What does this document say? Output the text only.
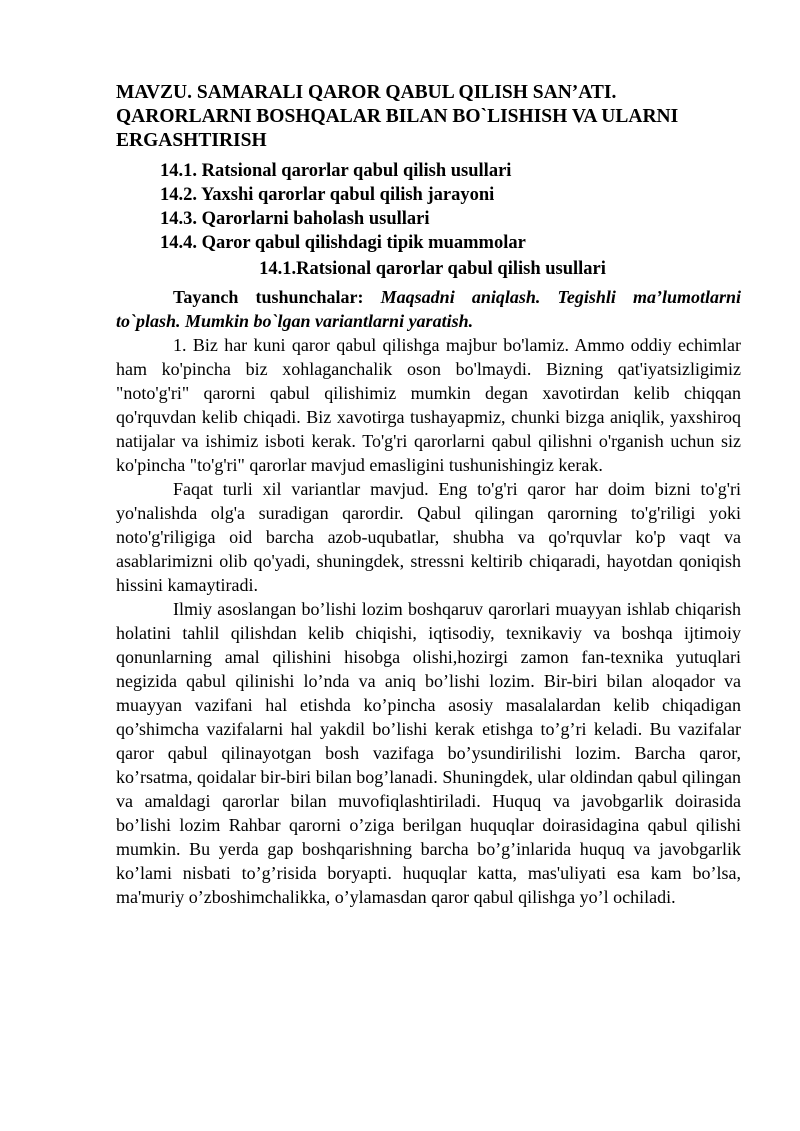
MAVZU. SAMARALI QAROR QABUL QILISH SAN’ATI. QARORLARNI BOSHQALAR BILAN BO`LISHISH VA ULARNI ERGASHTIRISH
14.1. Ratsional qarorlar qabul qilish usullari
14.2. Yaxshi qarorlar qabul qilish jarayoni
14.3. Qarorlarni baholash usullari
14.4. Qaror qabul qilishdagi tipik muammolar
14.1.Ratsional qarorlar qabul qilish usullari

Tayanch tushunchalar: Maqsadni aniqlash. Tegishli ma’lumotlarni to`plash. Mumkin bo`lgan variantlarni yaratish.

1. Biz har kuni qaror qabul qilishga majbur bo'lamiz. Ammo oddiy echimlar ham ko'pincha biz xohlaganchalik oson bo'lmaydi. Bizning qat'iyatsizligimiz "noto'g'ri" qarorni qabul qilishimiz mumkin degan xavotirdan kelib chiqqan qo'rquvdan kelib chiqadi. Biz xavotirga tushayapmiz, chunki bizga aniqlik, yaxshiroq natijalar va ishimiz isboti kerak. To'g'ri qarorlarni qabul qilishni o'rganish uchun siz ko'pincha "to'g'ri" qarorlar mavjud emasligini tushunishingiz kerak.

Faqat turli xil variantlar mavjud. Eng to'g'ri qaror har doim bizni to'g'ri yo'nalishda olg'a suradigan qarordir. Qabul qilingan qarorning to'g'riligi yoki noto'g'riligiga oid barcha azob-uqubatlar, shubha va qo'rquvlar ko'p vaqt va asablarimizni olib qo'yadi, shuningdek, stressni keltirib chiqaradi, hayotdan qoniqish hissini kamaytiradi.

Ilmiy asoslangan bo’lishi lozim boshqaruv qarorlari muayyan ishlab chiqarish holatini tahlil qilishdan kelib chiqishi, iqtisodiy, texnikaviy va boshqa ijtimoiy qonunlarning amal qilishini hisobga olishi,hozirgi zamon fan-texnika yutuqlari negizida qabul qilinishi lo’nda va aniq bo’lishi lozim. Bir-biri bilan aloqador va muayyan vazifani hal etishda ko’pincha asosiy masalalardan kelib chiqadigan qo’shimcha vazifalarni hal yakdil bo’lishi kerak etishga to’g’ri keladi. Bu vazifalar qaror qabul qilinayotgan bosh vazifaga bo’ysundirilishi lozim. Barcha qaror, ko’rsatma, qoidalar bir-biri bilan bog’lanadi. Shuningdek, ular oldindan qabul qilingan va amaldagi qarorlar bilan muvofiqlashtiriladi. Huquq va javobgarlik doirasida bo’lishi lozim Rahbar qarorni o’ziga berilgan huquqlar doirasidagina qabul qilishi mumkin. Bu yerda gap boshqarishning barcha bo’g’inlarida huquq va javobgarlik ko’lami nisbati to’g’risida boryapti. huquqlar katta, mas'uliyati esa kam bo’lsa, ma'muriy o’zboshimchalikka, o’ylamasdan qaror qabul qilishga yo’l ochiladi.
